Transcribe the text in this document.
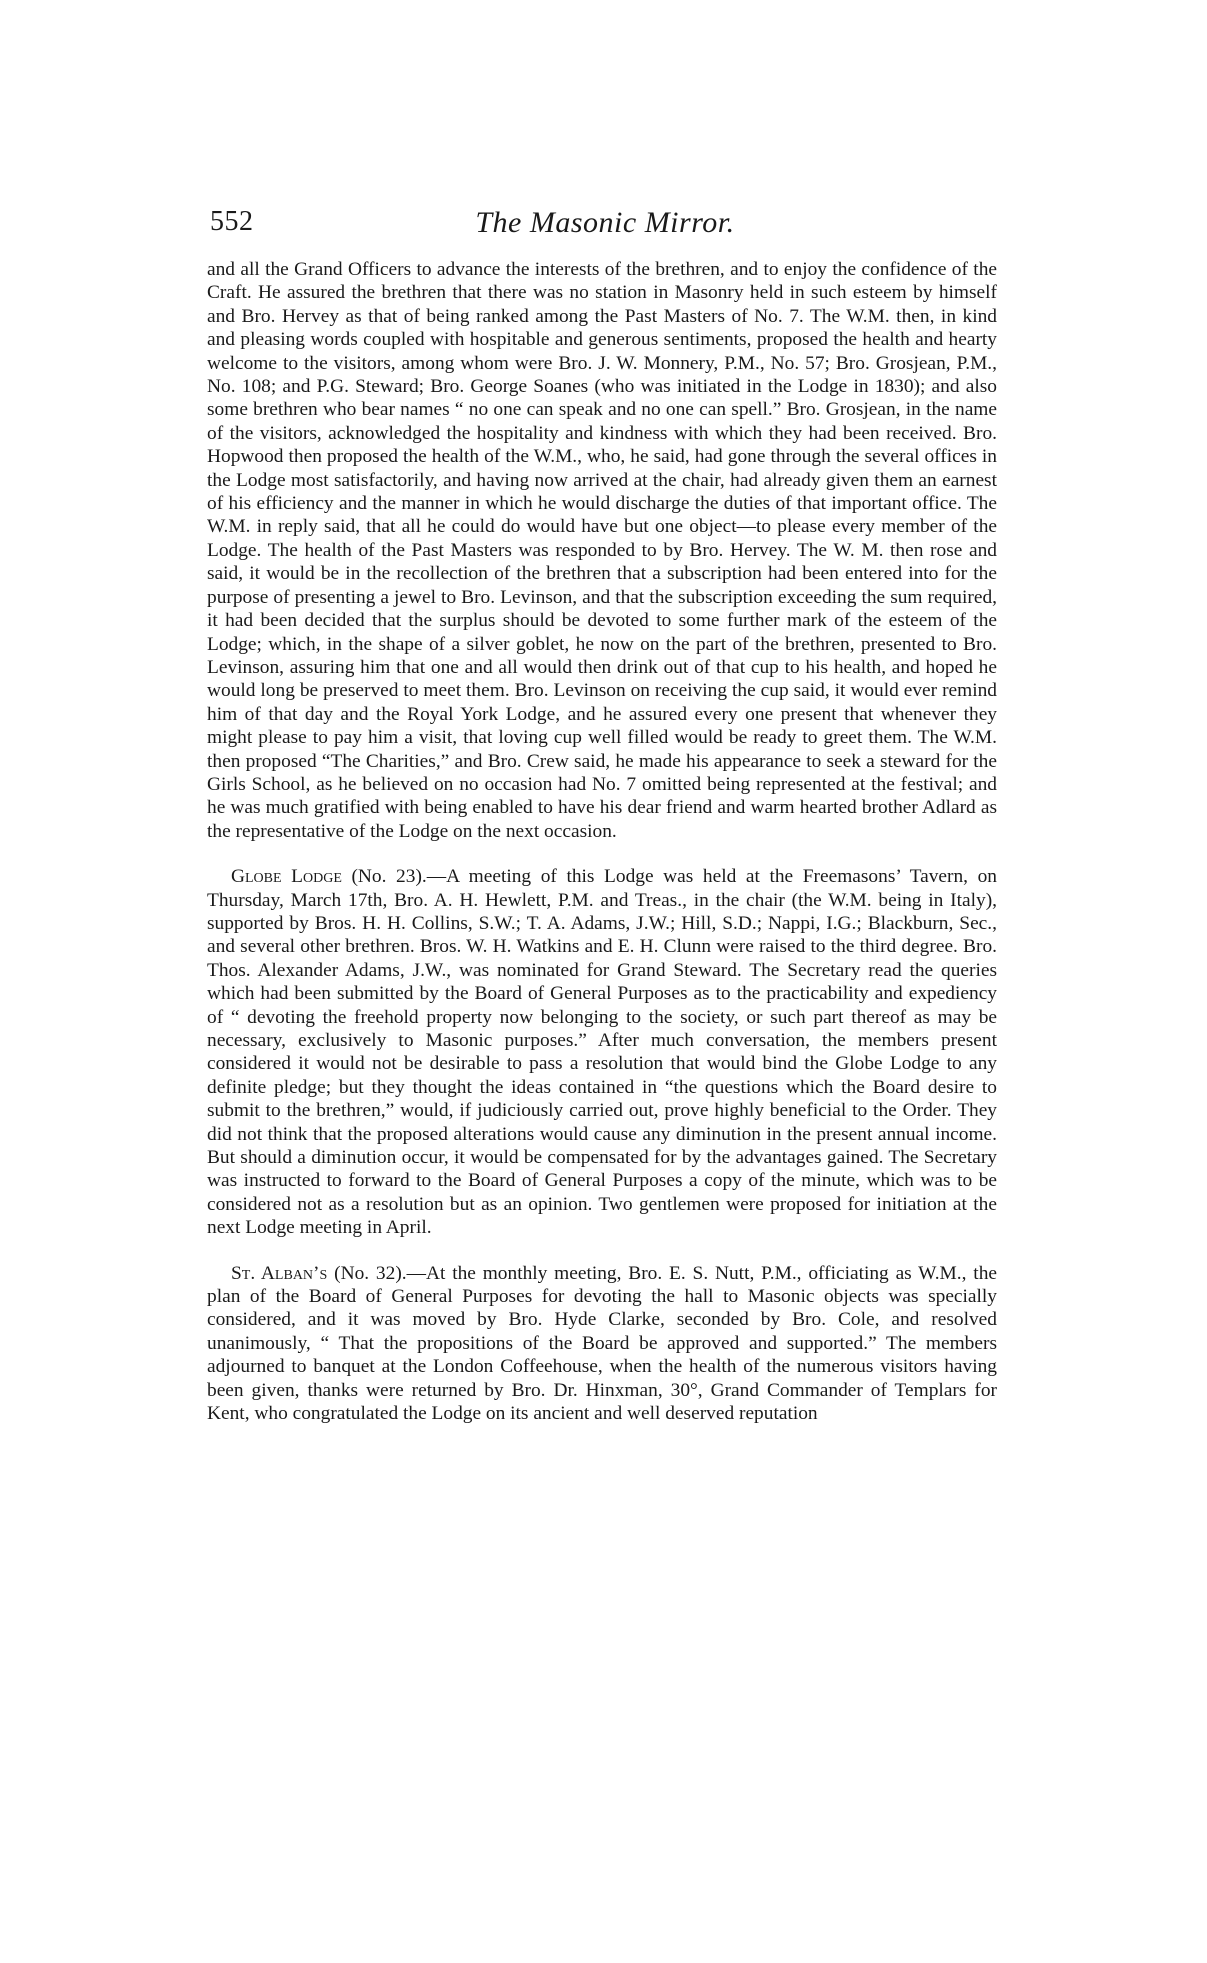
552	The Masonic Mirror.

and all the Grand Officers to advance the interests of the brethren, and to enjoy the confidence of the Craft. He assured the brethren that there was no station in Masonry held in such esteem by himself and Bro. Hervey as that of being ranked among the Past Masters of No. 7. The W.M. then, in kind and pleasing words coupled with hospitable and generous sentiments, proposed the health and hearty welcome to the visitors, among whom were Bro. J. W. Monnery, P.M., No. 57; Bro. Grosjean, P.M., No. 108; and P.G. Steward; Bro. George Soanes (who was initiated in the Lodge in 1830); and also some brethren who bear names “ no one can speak and no one can spell.” Bro. Grosjean, in the name of the visitors, acknowledged the hospitality and kindness with which they had been received. Bro. Hopwood then proposed the health of the W.M., who, he said, had gone through the several offices in the Lodge most satisfactorily, and having now arrived at the chair, had already given them an earnest of his efficiency and the manner in which he would discharge the duties of that important office. The W.M. in reply said, that all he could do would have but one object—to please every member of the Lodge. The health of the Past Masters was responded to by Bro. Hervey. The W. M. then rose and said, it would be in the recollection of the brethren that a subscription had been entered into for the purpose of presenting a jewel to Bro. Levinson, and that the subscription exceeding the sum required, it had been decided that the surplus should be devoted to some further mark of the esteem of the Lodge; which, in the shape of a silver goblet, he now on the part of the brethren, presented to Bro. Levinson, assuring him that one and all would then drink out of that cup to his health, and hoped he would long be preserved to meet them. Bro. Levinson on receiving the cup said, it would ever remind him of that day and the Royal York Lodge, and he assured every one present that whenever they might please to pay him a visit, that loving cup well filled would be ready to greet them. The W.M. then proposed “The Charities,” and Bro. Crew said, he made his appearance to seek a steward for the Girls School, as he believed on no occasion had No. 7 omitted being represented at the festival; and he was much gratified with being enabled to have his dear friend and warm hearted brother Adlard as the representative of the Lodge on the next occasion.

Globe Lodge (No. 23).—A meeting of this Lodge was held at the Freemasons’ Tavern, on Thursday, March 17th, Bro. A. H. Hewlett, P.M. and Treas., in the chair (the W.M. being in Italy), supported by Bros. H. H. Collins, S.W.; T. A. Adams, J.W.; Hill, S.D.; Nappi, I.G.; Blackburn, Sec., and several other brethren. Bros. W. H. Watkins and E. H. Clunn were raised to the third degree. Bro. Thos. Alexander Adams, J.W., was nominated for Grand Steward. The Secretary read the queries which had been submitted by the Board of General Purposes as to the practicability and expediency of “ devoting the freehold property now belonging to the society, or such part thereof as may be necessary, exclusively to Masonic purposes.” After much conversation, the members present considered it would not be desirable to pass a resolution that would bind the Globe Lodge to any definite pledge; but they thought the ideas contained in “the questions which the Board desire to submit to the brethren,” would, if judiciously carried out, prove highly beneficial to the Order. They did not think that the proposed alterations would cause any diminution in the present annual income. But should a diminution occur, it would be compensated for by the advantages gained. The Secretary was instructed to forward to the Board of General Purposes a copy of the minute, which was to be considered not as a resolution but as an opinion. Two gentlemen were proposed for initiation at the next Lodge meeting in April.

St. Alban’s (No. 32).—At the monthly meeting, Bro. E. S. Nutt, P.M., officiating as W.M., the plan of the Board of General Purposes for devoting the hall to Masonic objects was specially considered, and it was moved by Bro. Hyde Clarke, seconded by Bro. Cole, and resolved unanimously, “ That the propositions of the Board be approved and supported.” The members adjourned to banquet at the London Coffeehouse, when the health of the numerous visitors having been given, thanks were returned by Bro. Dr. Hinxman, 30°, Grand Commander of Templars for Kent, who congratulated the Lodge on its ancient and well deserved reputation
